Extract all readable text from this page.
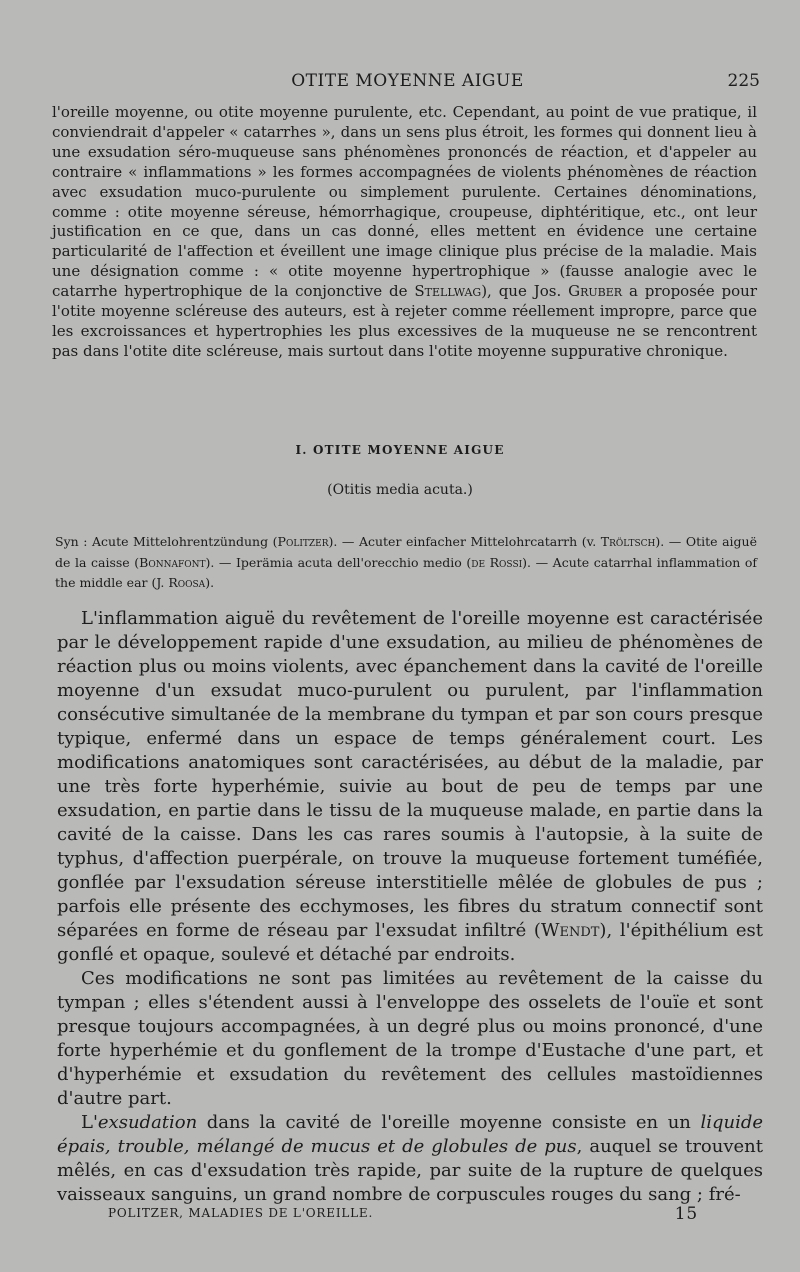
OTITE MOYENNE AIGUE	225

l'oreille moyenne, ou otite moyenne purulente, etc. Cependant, au point de vue pratique, il conviendrait d'appeler « catarrhes », dans un sens plus étroit, les formes qui donnent lieu à une exsudation séro-muqueuse sans phénomènes prononcés de réaction, et d'appeler au contraire « inflammations » les formes accompagnées de violents phénomènes de réaction avec exsudation muco-purulente ou simplement purulente. Certaines dénominations, comme : otite moyenne séreuse, hémorrhagique, croupeuse, diphtéritique, etc., ont leur justification en ce que, dans un cas donné, elles mettent en évidence une certaine particularité de l'affection et éveillent une image clinique plus précise de la maladie. Mais une désignation comme : « otite moyenne hypertrophique » (fausse analogie avec le catarrhe hypertrophique de la conjonctive de Stellwag), que Jos. Gruber a proposée pour l'otite moyenne scléreuse des auteurs, est à rejeter comme réellement impropre, parce que les excroissances et hypertrophies les plus excessives de la muqueuse ne se rencontrent pas dans l'otite dite scléreuse, mais surtout dans l'otite moyenne suppurative chronique.

I. OTITE MOYENNE AIGUE
(Otitis media acuta.)

Syn : Acute Mittelohrentzündung (Politzer). — Acuter einfacher Mittelohrcatarrh (v. Tröltsch). — Otite aiguë de la caisse (Bonnafont). — Iperämia acuta dell'orecchio medio (de Rossi). — Acute catarrhal inflammation of the middle ear (J. Roosa).

L'inflammation aiguë du revêtement de l'oreille moyenne est caractérisée par le développement rapide d'une exsudation, au milieu de phénomènes de réaction plus ou moins violents, avec épanchement dans la cavité de l'oreille moyenne d'un exsudat muco-purulent ou purulent, par l'inflammation consécutive simultanée de la membrane du tympan et par son cours presque typique, enfermé dans un espace de temps généralement court. Les modifications anatomiques sont caractérisées, au début de la maladie, par une très forte hyperhémie, suivie au bout de peu de temps par une exsudation, en partie dans le tissu de la muqueuse malade, en partie dans la cavité de la caisse. Dans les cas rares soumis à l'autopsie, à la suite de typhus, d'affection puerpérale, on trouve la muqueuse fortement tuméfiée, gonflée par l'exsudation séreuse interstitielle mêlée de globules de pus ; parfois elle présente des ecchymoses, les fibres du stratum connectif sont séparées en forme de réseau par l'exsudat infiltré (Wendt), l'épithélium est gonflé et opaque, soulevé et détaché par endroits.

Ces modifications ne sont pas limitées au revêtement de la caisse du tympan ; elles s'étendent aussi à l'enveloppe des osselets de l'ouïe et sont presque toujours accompagnées, à un degré plus ou moins prononcé, d'une forte hyperhémie et du gonflement de la trompe d'Eustache d'une part, et d'hyperhémie et exsudation du revêtement des cellules mastoïdiennes d'autre part.

L'exsudation dans la cavité de l'oreille moyenne consiste en un liquide épais, trouble, mélangé de mucus et de globules de pus, auquel se trouvent mêlés, en cas d'exsudation très rapide, par suite de la rupture de quelques vaisseaux sanguins, un grand nombre de corpuscules rouges du sang ; fré-

POLITZER, MALADIES DE L'OREILLE.	15
